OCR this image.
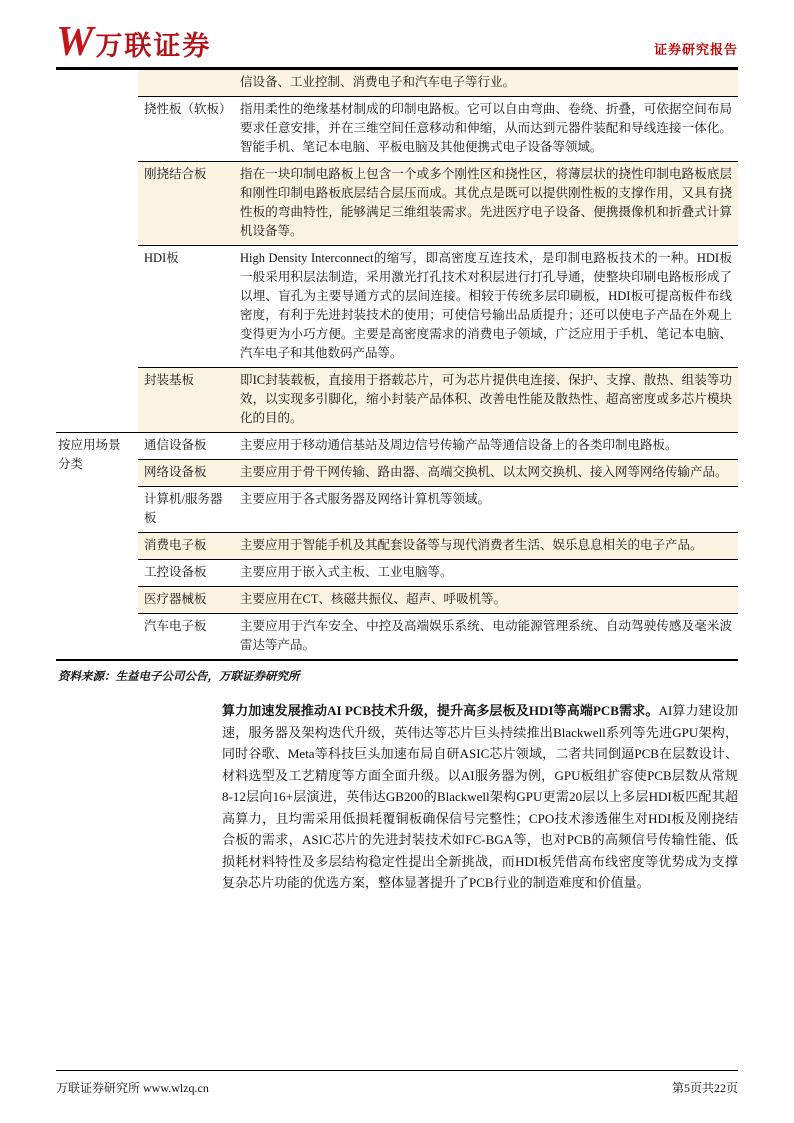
W 万联证券	证券研究报告
		信设备、工业控制、消费电子和汽车电子等行业。
	挠性板（软板）	指用柔性的绝缘基材制成的印制电路板。它可以自由弯曲、卷绕、折叠，可依据空间布局要求任意安排，并在三维空间任意移动和伸缩，从而达到元器件装配和导线连接一体化。智能手机、笔记本电脑、平板电脑及其他便携式电子设备等领域。
	刚挠结合板	指在一块印制电路板上包含一个或多个刚性区和挠性区，将薄层状的挠性印制电路板底层和刚性印制电路板底层结合层压而成。其优点是既可以提供刚性板的支撑作用，又具有挠性板的弯曲特性，能够满足三维组装需求。先进医疗电子设备、便携摄像机和折叠式计算机设备等。
	HDI板	High Density Interconnect的缩写，即高密度互连技术，是印制电路板技术的一种。HDI板一般采用积层法制造，采用激光打孔技术对积层进行打孔导通，使整块印刷电路板形成了以埋、盲孔为主要导通方式的层间连接。相较于传统多层印刷板，HDI板可提高板件布线密度，有利于先进封装技术的使用；可使信号输出品质提升；还可以使电子产品在外观上变得更为小巧方便。主要是高密度需求的消费电子领域，广泛应用于手机、笔记本电脑、汽车电子和其他数码产品等。
	封装基板	即IC封装载板，直接用于搭载芯片，可为芯片提供电连接、保护、支撑、散热、组装等功效，以实现多引脚化，缩小封装产品体积、改善电性能及散热性、超高密度或多芯片模块化的目的。
按应用场景分类	通信设备板	主要应用于移动通信基站及周边信号传输产品等通信设备上的各类印制电路板。
	网络设备板	主要应用于骨干网传输、路由器、高端交换机、以太网交换机、接入网等网络传输产品。
	计算机/服务器板	主要应用于各式服务器及网络计算机等领域。
	消费电子板	主要应用于智能手机及其配套设备等与现代消费者生活、娱乐息息相关的电子产品。
	工控设备板	主要应用于嵌入式主板、工业电脑等。
	医疗器械板	主要应用在CT、核磁共振仪、超声、呼吸机等。
	汽车电子板	主要应用于汽车安全、中控及高端娱乐系统、电动能源管理系统、自动驾驶传感及毫米波雷达等产品。
资料来源：生益电子公司公告，万联证券研究所

算力加速发展推动AI PCB技术升级，提升高多层板及HDI等高端PCB需求。AI算力建设加速，服务器及架构迭代升级，英伟达等芯片巨头持续推出Blackwell系列等先进GPU架构，同时谷歌、Meta等科技巨头加速布局自研ASIC芯片领域，二者共同倒逼PCB在层数设计、材料选型及工艺精度等方面全面升级。以AI服务器为例，GPU板组扩容使PCB层数从常规8-12层向16+层演进，英伟达GB200的Blackwell架构GPU更需20层以上多层HDI板匹配其超高算力，且均需采用低损耗覆铜板确保信号完整性；CPO技术渗透催生对HDI板及刚挠结合板的需求，ASIC芯片的先进封装技术如FC-BGA等，也对PCB的高频信号传输性能、低损耗材料特性及多层结构稳定性提出全新挑战，而HDI板凭借高布线密度等优势成为支撑复杂芯片功能的优选方案，整体显著提升了PCB行业的制造难度和价值量。

万联证券研究所 www.wlzq.cn	第5页共22页
